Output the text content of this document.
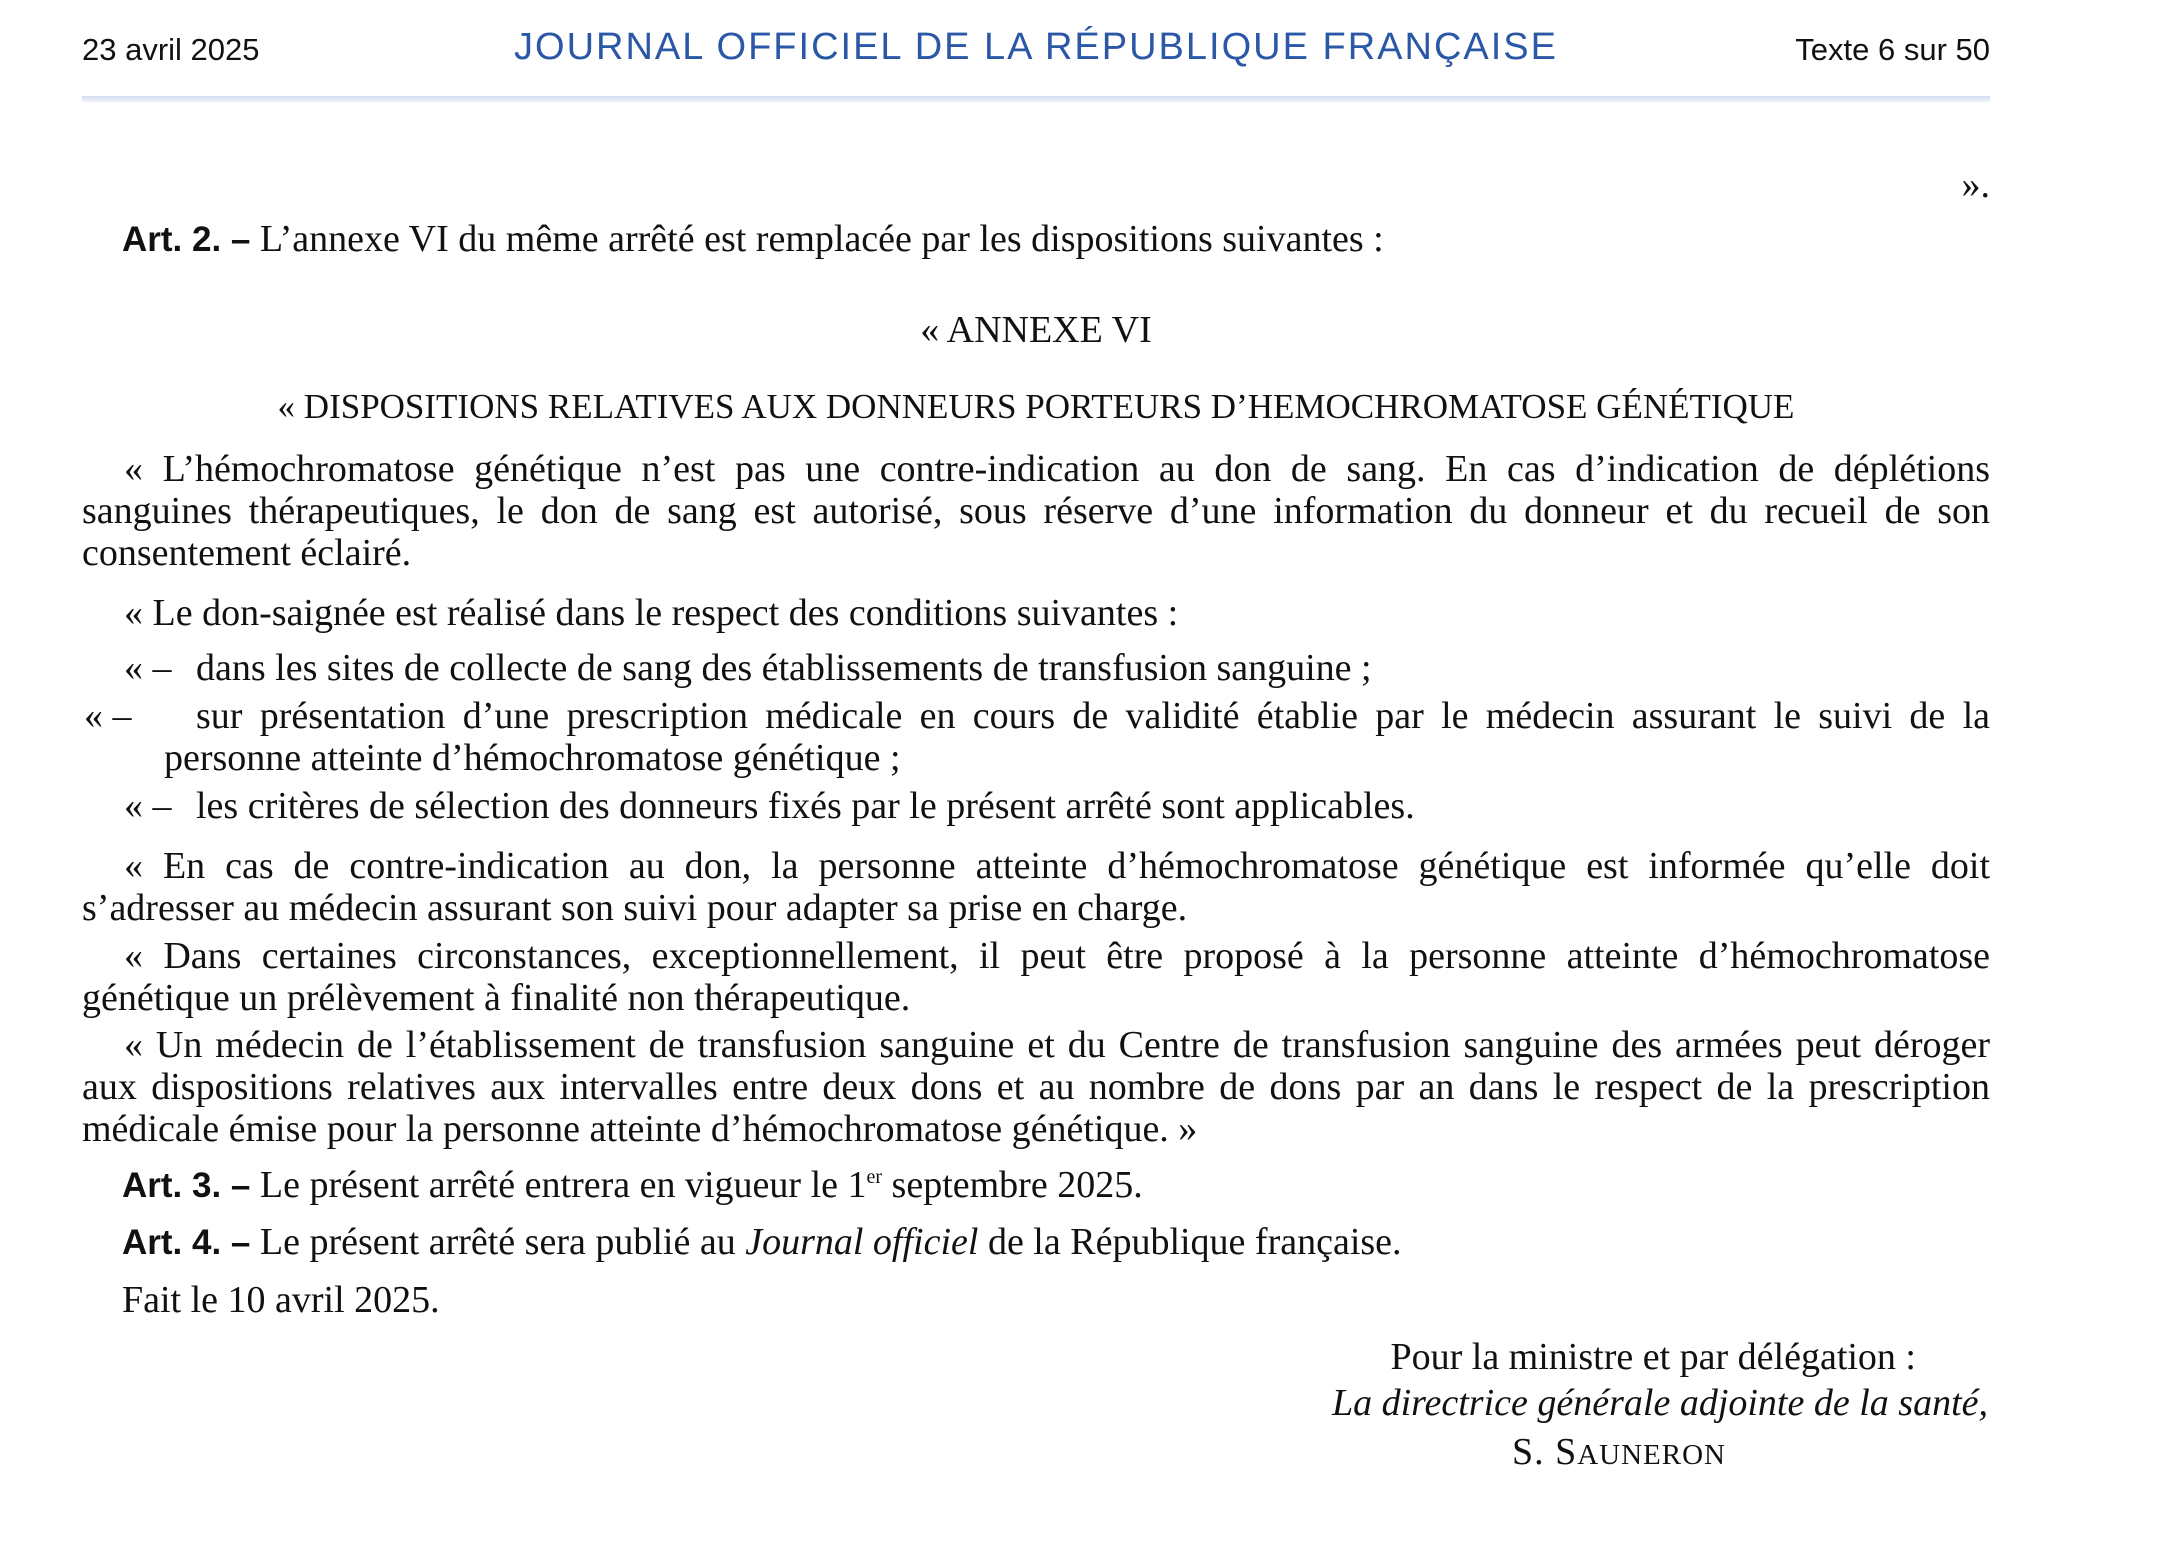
23 avril 2025	JOURNAL OFFICIEL DE LA RÉPUBLIQUE FRANÇAISE	Texte 6 sur 50
».
Art. 2. – L’annexe VI du même arrêté est remplacée par les dispositions suivantes :
« ANNEXE VI
« DISPOSITIONS RELATIVES AUX DONNEURS PORTEURS D’HEMOCHROMATOSE GÉNÉTIQUE
« L’hémochromatose génétique n’est pas une contre-indication au don de sang. En cas d’indication de déplétions sanguines thérapeutiques, le don de sang est autorisé, sous réserve d’une information du donneur et du recueil de son consentement éclairé.
« Le don-saignée est réalisé dans le respect des conditions suivantes :
« – dans les sites de collecte de sang des établissements de transfusion sanguine ;
« – sur présentation d’une prescription médicale en cours de validité établie par le médecin assurant le suivi de la personne atteinte d’hémochromatose génétique ;
« – les critères de sélection des donneurs fixés par le présent arrêté sont applicables.
« En cas de contre-indication au don, la personne atteinte d’hémochromatose génétique est informée qu’elle doit s’adresser au médecin assurant son suivi pour adapter sa prise en charge.
« Dans certaines circonstances, exceptionnellement, il peut être proposé à la personne atteinte d’hémochromatose génétique un prélèvement à finalité non thérapeutique.
« Un médecin de l’établissement de transfusion sanguine et du Centre de transfusion sanguine des armées peut déroger aux dispositions relatives aux intervalles entre deux dons et au nombre de dons par an dans le respect de la prescription médicale émise pour la personne atteinte d’hémochromatose génétique. »
Art. 3. – Le présent arrêté entrera en vigueur le 1er septembre 2025.
Art. 4. – Le présent arrêté sera publié au Journal officiel de la République française.
Fait le 10 avril 2025.
Pour la ministre et par délégation :
La directrice générale adjointe de la santé,
S. SAUNERON
